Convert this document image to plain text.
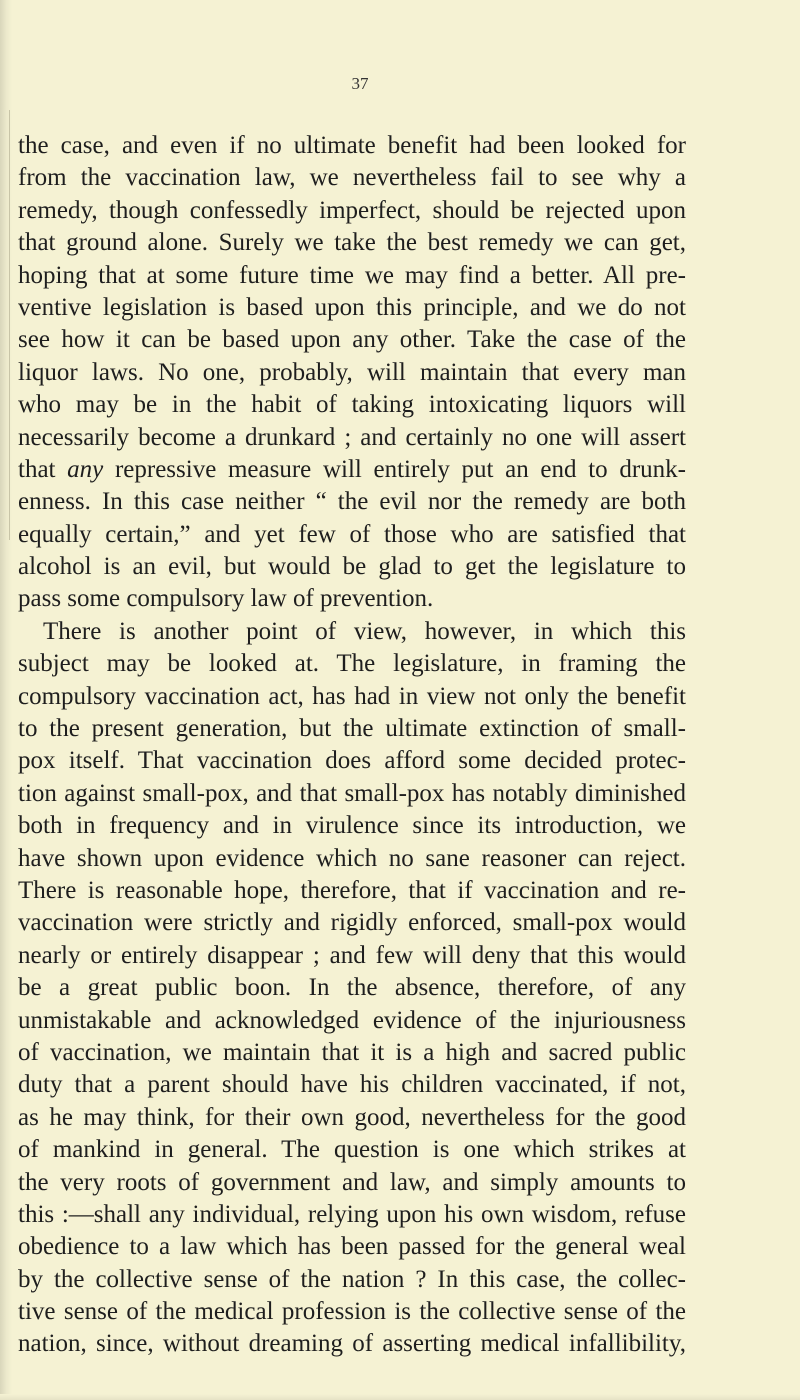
37

the case, and even if no ultimate benefit had been looked for
from the vaccination law, we nevertheless fail to see why a
remedy, though confessedly imperfect, should be rejected upon
that ground alone. Surely we take the best remedy we can get,
hoping that at some future time we may find a better. All pre-
ventive legislation is based upon this principle, and we do not
see how it can be based upon any other. Take the case of the
liquor laws. No one, probably, will maintain that every man
who may be in the habit of taking intoxicating liquors will
necessarily become a drunkard ; and certainly no one will assert
that any repressive measure will entirely put an end to drunk-
enness. In this case neither “ the evil nor the remedy are both
equally certain,” and yet few of those who are satisfied that
alcohol is an evil, but would be glad to get the legislature to
pass some compulsory law of prevention.
There is another point of view, however, in which this
subject may be looked at. The legislature, in framing the
compulsory vaccination act, has had in view not only the benefit
to the present generation, but the ultimate extinction of small-
pox itself. That vaccination does afford some decided protec-
tion against small-pox, and that small-pox has notably diminished
both in frequency and in virulence since its introduction, we
have shown upon evidence which no sane reasoner can reject.
There is reasonable hope, therefore, that if vaccination and re-
vaccination were strictly and rigidly enforced, small-pox would
nearly or entirely disappear ; and few will deny that this would
be a great public boon. In the absence, therefore, of any
unmistakable and acknowledged evidence of the injuriousness
of vaccination, we maintain that it is a high and sacred public
duty that a parent should have his children vaccinated, if not,
as he may think, for their own good, nevertheless for the good
of mankind in general. The question is one which strikes at
the very roots of government and law, and simply amounts to
this :—shall any individual, relying upon his own wisdom, refuse
obedience to a law which has been passed for the general weal
by the collective sense of the nation ? In this case, the collec-
tive sense of the medical profession is the collective sense of the
nation, since, without dreaming of asserting medical infallibility,
